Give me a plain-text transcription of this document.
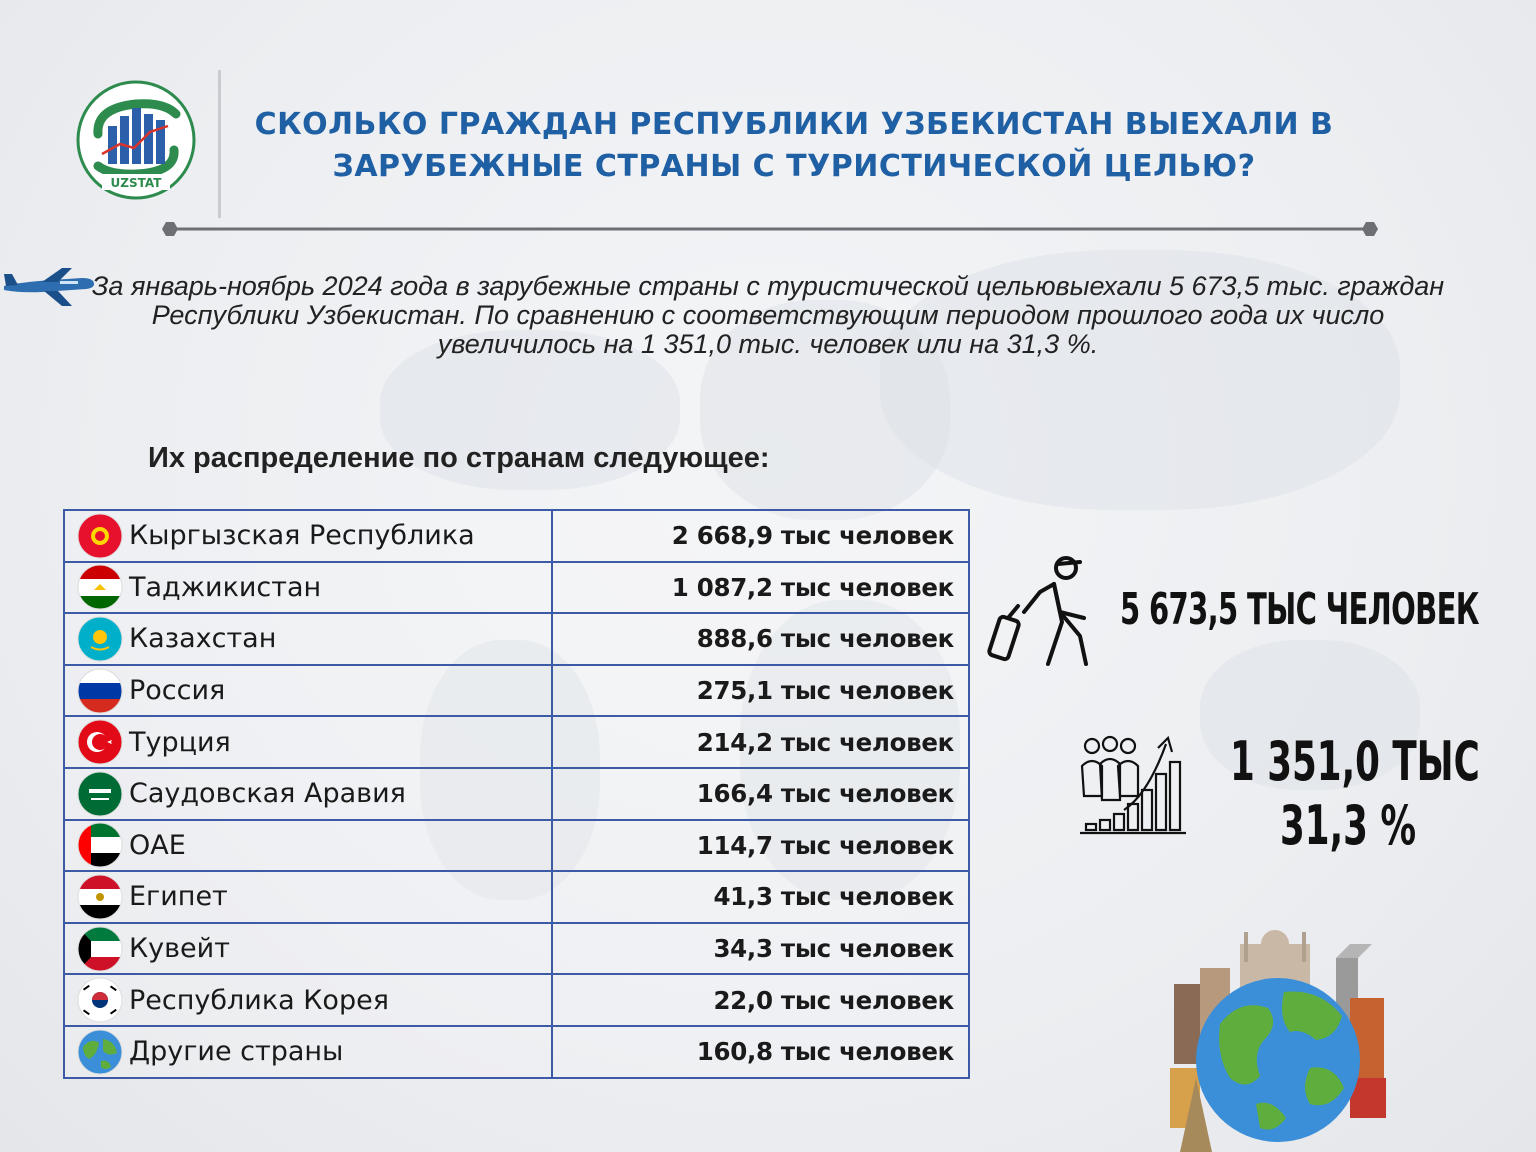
UZSTAT
СКОЛЬКО ГРАЖДАН РЕСПУБЛИКИ УЗБЕКИСТАН ВЫЕХАЛИ В ЗАРУБЕЖНЫЕ СТРАНЫ С ТУРИСТИЧЕСКОЙ ЦЕЛЬЮ?
За январь-ноябрь 2024 года в зарубежные страны с туристической цельювыехали 5 673,5 тыс. граждан Республики Узбекистан. По сравнению с соответствующим периодом прошлого года их число увеличилось на 1 351,0 тыс. человек или на 31,3 %.
Их распределение по странам следующее:
Кыргызская Республика	2 668,9 тыс человек

Таджикистан	1 087,2 тыс человек

Казахстан	888,6 тыс человек

Россия	275,1 тыс человек

Турция	214,2 тыс человек

Саудовская Аравия	166,4 тыс человек

ОАЕ	114,7 тыс человек

Египет	41,3 тыс человек

Кувейт	34,3 тыс человек

Республика Корея	22,0 тыс человек

Другие страны	160,8 тыс человек
5 673,5 ТЫС ЧЕЛОВЕК
1 351,0 ТЫС
31,3 %
